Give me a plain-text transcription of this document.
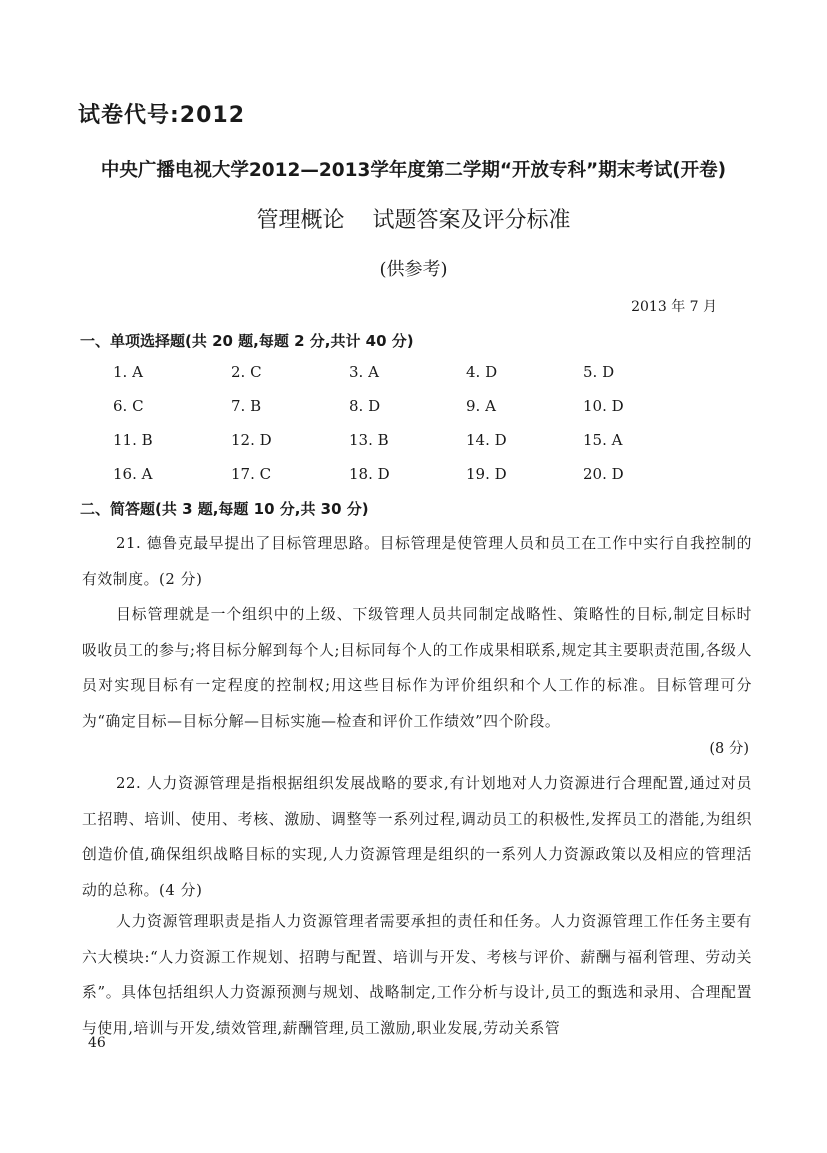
试卷代号:2012
中央广播电视大学2012—2013学年度第二学期“开放专科”期末考试(开卷)
管理概论 试题答案及评分标准
(供参考)
2013 年 7 月
一、单项选择题(共 20 题,每题 2 分,共计 40 分)
1. A	2. C	3. A	4. D	5. D
6. C	7. B	8. D	9. A	10. D
11. B	12. D	13. B	14. D	15. A
16. A	17. C	18. D	19. D	20. D
二、简答题(共 3 题,每题 10 分,共 30 分)
21. 德鲁克最早提出了目标管理思路。目标管理是使管理人员和员工在工作中实行自我控制的有效制度。(2 分)
目标管理就是一个组织中的上级、下级管理人员共同制定战略性、策略性的目标,制定目标时吸收员工的参与;将目标分解到每个人;目标同每个人的工作成果相联系,规定其主要职责范围,各级人员对实现目标有一定程度的控制权;用这些目标作为评价组织和个人工作的标准。目标管理可分为“确定目标—目标分解—目标实施—检查和评价工作绩效”四个阶段。
(8 分)
22. 人力资源管理是指根据组织发展战略的要求,有计划地对人力资源进行合理配置,通过对员工招聘、培训、使用、考核、激励、调整等一系列过程,调动员工的积极性,发挥员工的潜能,为组织创造价值,确保组织战略目标的实现,人力资源管理是组织的一系列人力资源政策以及相应的管理活动的总称。(4 分)
人力资源管理职责是指人力资源管理者需要承担的责任和任务。人力资源管理工作任务主要有六大模块:“人力资源工作规划、招聘与配置、培训与开发、考核与评价、薪酬与福利管理、劳动关系”。具体包括组织人力资源预测与规划、战略制定,工作分析与设计,员工的甄选和录用、合理配置与使用,培训与开发,绩效管理,薪酬管理,员工激励,职业发展,劳动关系管
46
